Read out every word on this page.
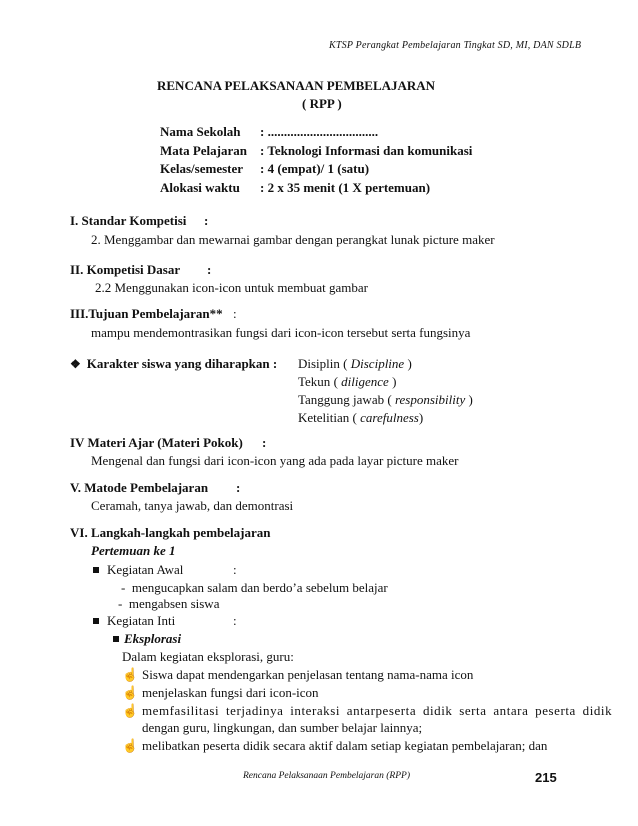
KTSP Perangkat Pembelajaran Tingkat SD, MI, DAN SDLB
RENCANA PELAKSANAAN PEMBELAJARAN
( RPP )
Nama Sekolah : ..................................
Mata Pelajaran : Teknologi Informasi dan komunikasi
Kelas/semester : 4 (empat)/ 1 (satu)
Alokasi waktu : 2 x 35 menit (1 X pertemuan)
I. Standar Kompetisi :
2. Menggambar dan mewarnai gambar dengan perangkat lunak picture maker
II. Kompetisi Dasar :
2.2 Menggunakan icon-icon untuk membuat gambar
III.Tujuan Pembelajaran** :
mampu mendemontrasikan fungsi dari icon-icon tersebut serta fungsinya
❖ Karakter siswa yang diharapkan : Disiplin ( Discipline )
Tekun ( diligence )
Tanggung jawab ( responsibility )
Ketelitian ( carefulness)
IV Materi Ajar (Materi Pokok) :
Mengenal dan fungsi dari icon-icon yang ada pada layar picture maker
V. Matode Pembelajaran :
Ceramah, tanya jawab, dan demontrasi
VI. Langkah-langkah pembelajaran
Pertemuan ke 1
Kegiatan Awal	:
-  mengucapkan salam dan berdo’a sebelum belajar
-  mengabsen siswa
Kegiatan Inti	:
Eksplorasi
Dalam kegiatan eksplorasi, guru:
☝ Siswa dapat mendengarkan penjelasan tentang nama-nama icon
☝ menjelaskan fungsi dari icon-icon
☝ memfasilitasi terjadinya interaksi antarpeserta didik serta antara peserta didik
dengan guru, lingkungan, dan sumber belajar lainnya;
☝ melibatkan peserta didik secara aktif dalam setiap kegiatan pembelajaran; dan
Rencana Pelaksanaan Pembelajaran (RPP)	215
